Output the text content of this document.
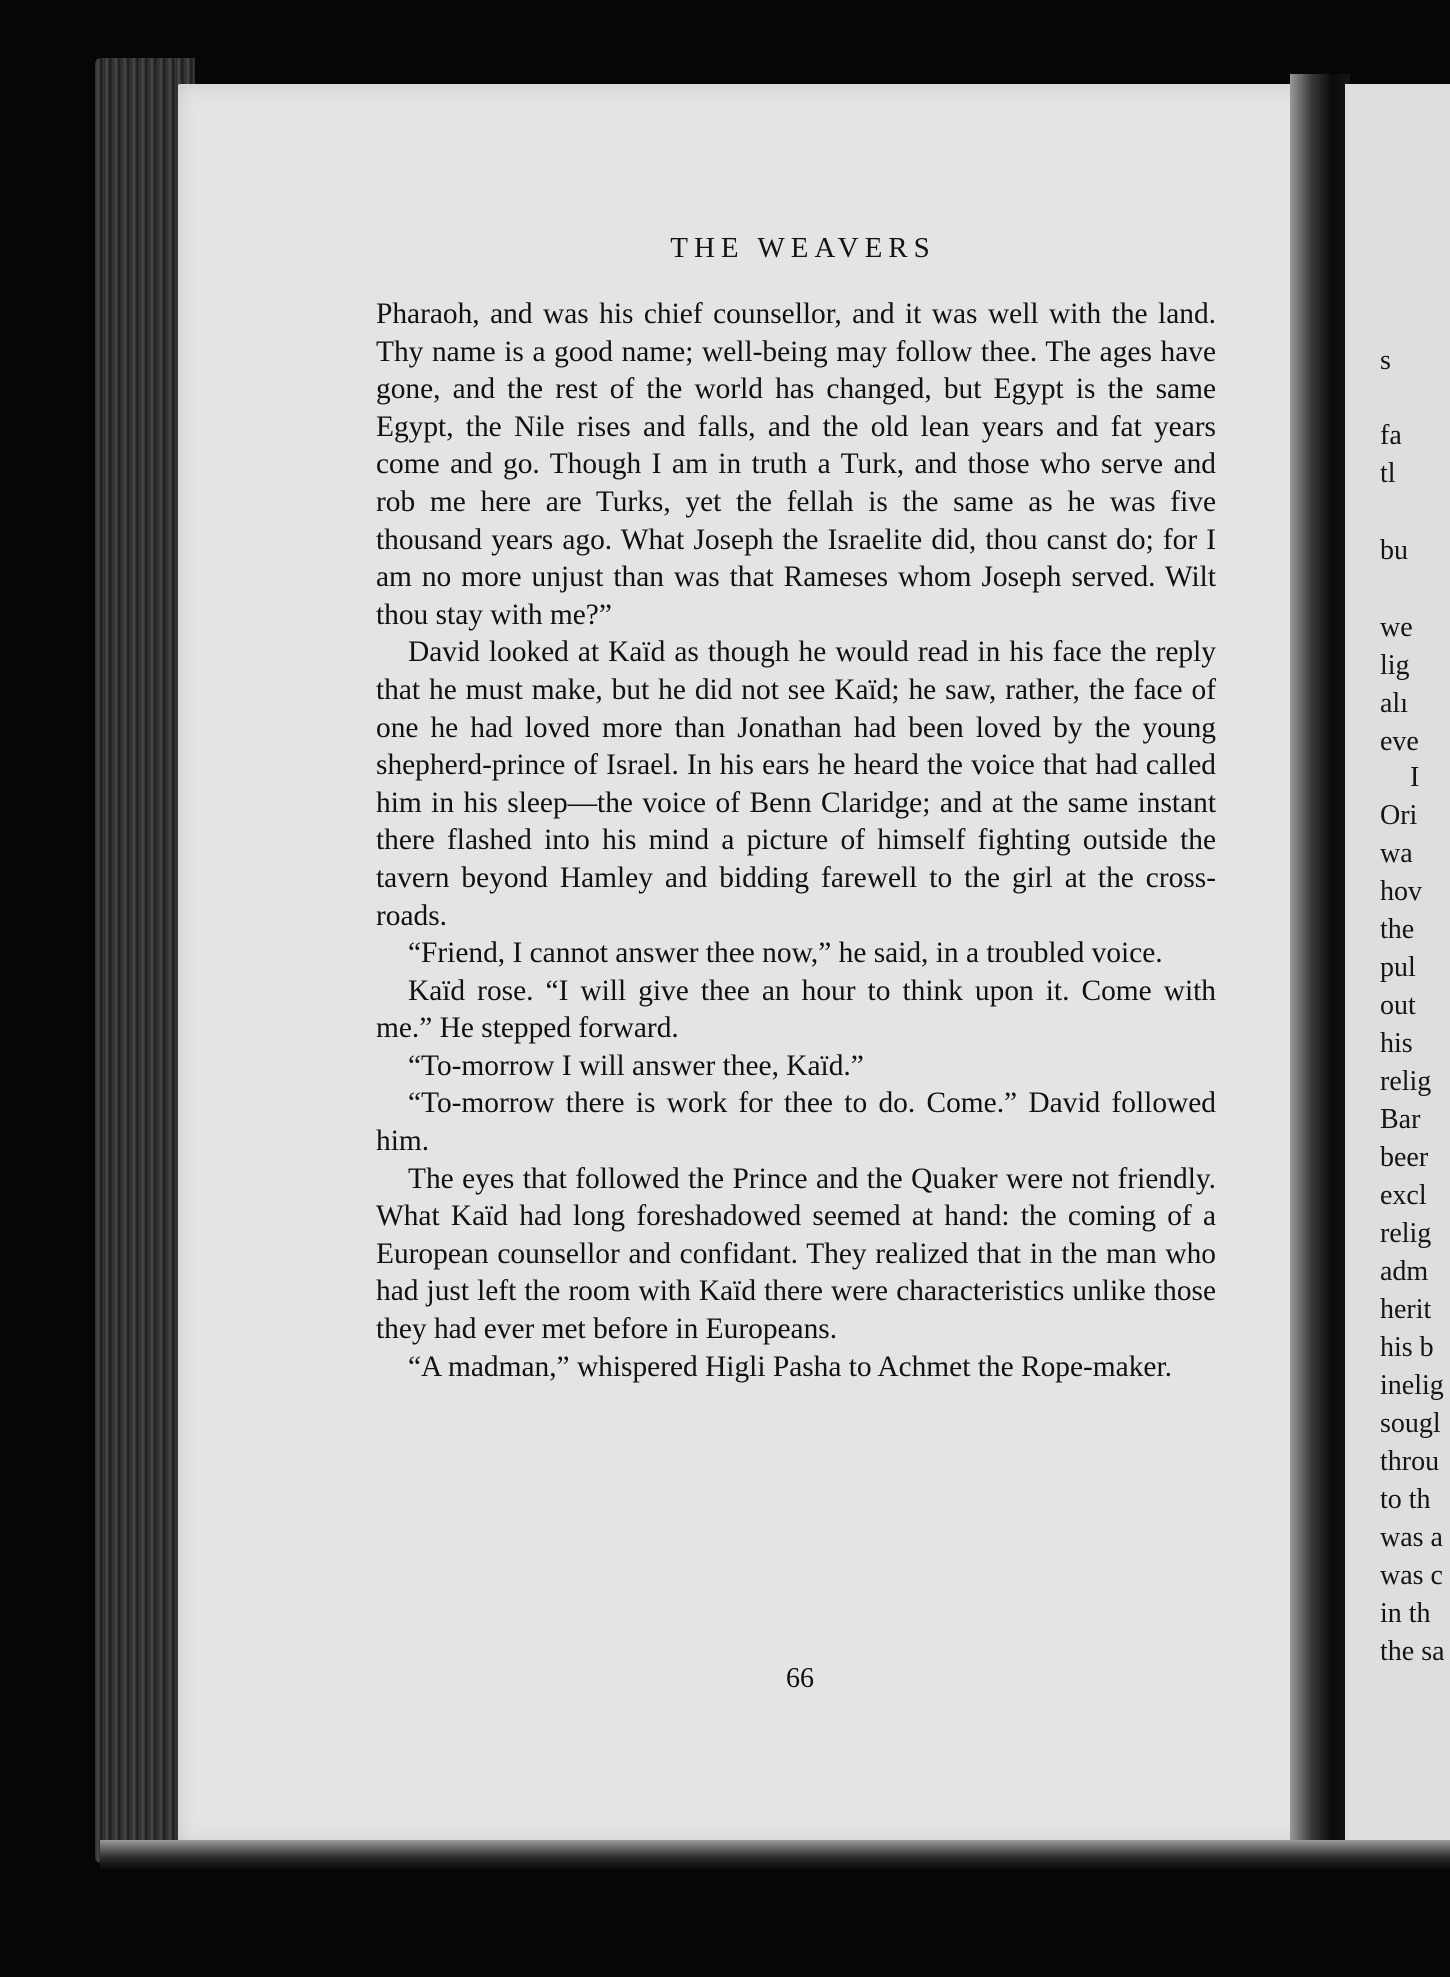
THE WEAVERS

Pharaoh, and was his chief counsellor, and it was well with the land. Thy name is a good name; well-being may follow thee. The ages have gone, and the rest of the world has changed, but Egypt is the same Egypt, the Nile rises and falls, and the old lean years and fat years come and go. Though I am in truth a Turk, and those who serve and rob me here are Turks, yet the fellah is the same as he was five thousand years ago. What Joseph the Israelite did, thou canst do; for I am no more unjust than was that Rameses whom Joseph served. Wilt thou stay with me?”

David looked at Kaïd as though he would read in his face the reply that he must make, but he did not see Kaïd; he saw, rather, the face of one he had loved more than Jonathan had been loved by the young shepherd-prince of Israel. In his ears he heard the voice that had called him in his sleep—the voice of Benn Claridge; and at the same instant there flashed into his mind a picture of himself fighting outside the tavern beyond Hamley and bidding farewell to the girl at the cross-roads.

“Friend, I cannot answer thee now,” he said, in a troubled voice.

Kaïd rose. “I will give thee an hour to think upon it. Come with me.” He stepped forward.

“To-morrow I will answer thee, Kaïd.”

“To-morrow there is work for thee to do. Come.” David followed him.

The eyes that followed the Prince and the Quaker were not friendly. What Kaïd had long foreshadowed seemed at hand: the coming of a European counsellor and confidant. They realized that in the man who had just left the room with Kaïd there were characteristics unlike those they had ever met before in Europeans.

“A madman,” whispered Higli Pasha to Achmet the Rope-maker.

66
s
fa
tl
bu
we
lig
alı
eve
I
Ori
wa
hov
the
pul
out
his
relig
Bar
beer
excl
relig
adm
herit
his b
inelig
sougl
throu
to th
was a
was c
in th
the sa
